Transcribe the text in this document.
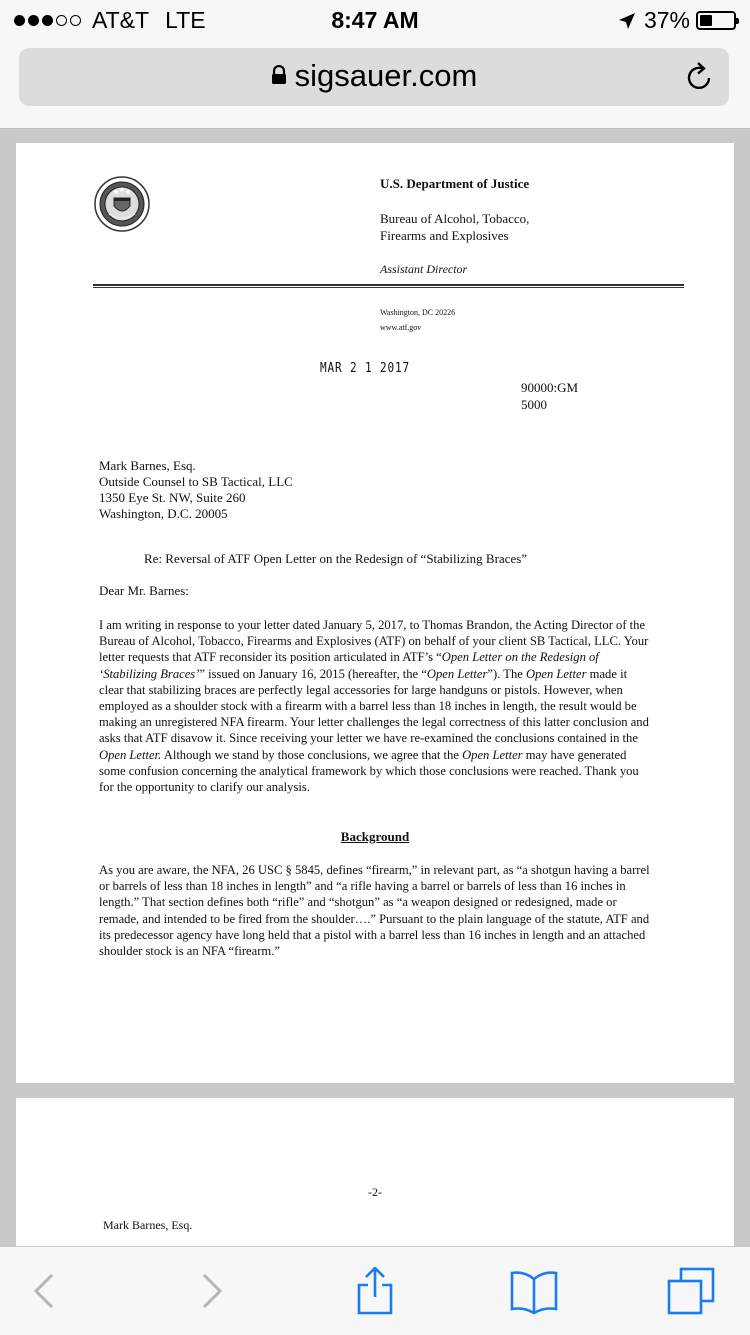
AT&T LTE	8:47 AM	37%
sigsauer.com
U.S. Department of Justice
Bureau of Alcohol, Tobacco,
Firearms and Explosives
Assistant Director
Washington, DC 20226
www.atf.gov
MAR 2 1 2017
90000:GM
5000
Mark Barnes, Esq.
Outside Counsel to SB Tactical, LLC
1350 Eye St. NW, Suite 260
Washington, D.C. 20005
Re: Reversal of ATF Open Letter on the Redesign of “Stabilizing Braces”
Dear Mr. Barnes:
I am writing in response to your letter dated January 5, 2017, to Thomas Brandon, the Acting Director of the Bureau of Alcohol, Tobacco, Firearms and Explosives (ATF) on behalf of your client SB Tactical, LLC. Your letter requests that ATF reconsider its position articulated in ATF’s “Open Letter on the Redesign of ‘Stabilizing Braces’” issued on January 16, 2015 (hereafter, the “Open Letter”). The Open Letter made it clear that stabilizing braces are perfectly legal accessories for large handguns or pistols. However, when employed as a shoulder stock with a firearm with a barrel less than 18 inches in length, the result would be making an unregistered NFA firearm. Your letter challenges the legal correctness of this latter conclusion and asks that ATF disavow it. Since receiving your letter we have re-examined the conclusions contained in the Open Letter. Although we stand by those conclusions, we agree that the Open Letter may have generated some confusion concerning the analytical framework by which those conclusions were reached. Thank you for the opportunity to clarify our analysis.
Background
As you are aware, the NFA, 26 USC § 5845, defines “firearm,” in relevant part, as “a shotgun having a barrel or barrels of less than 18 inches in length” and “a rifle having a barrel or barrels of less than 16 inches in length.” That section defines both “rifle” and “shotgun” as “a weapon designed or redesigned, made or remade, and intended to be fired from the shoulder….” Pursuant to the plain language of the statute, ATF and its predecessor agency have long held that a pistol with a barrel less than 16 inches in length and an attached shoulder stock is an NFA “firearm.”
-2-
Mark Barnes, Esq.
